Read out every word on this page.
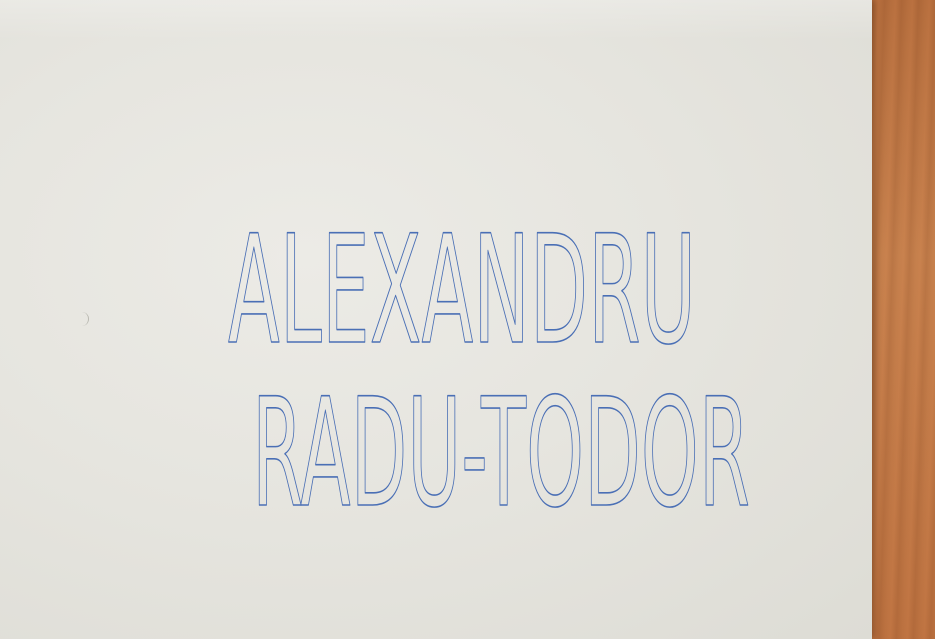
ALEXANDRU
RADU-TODOR
